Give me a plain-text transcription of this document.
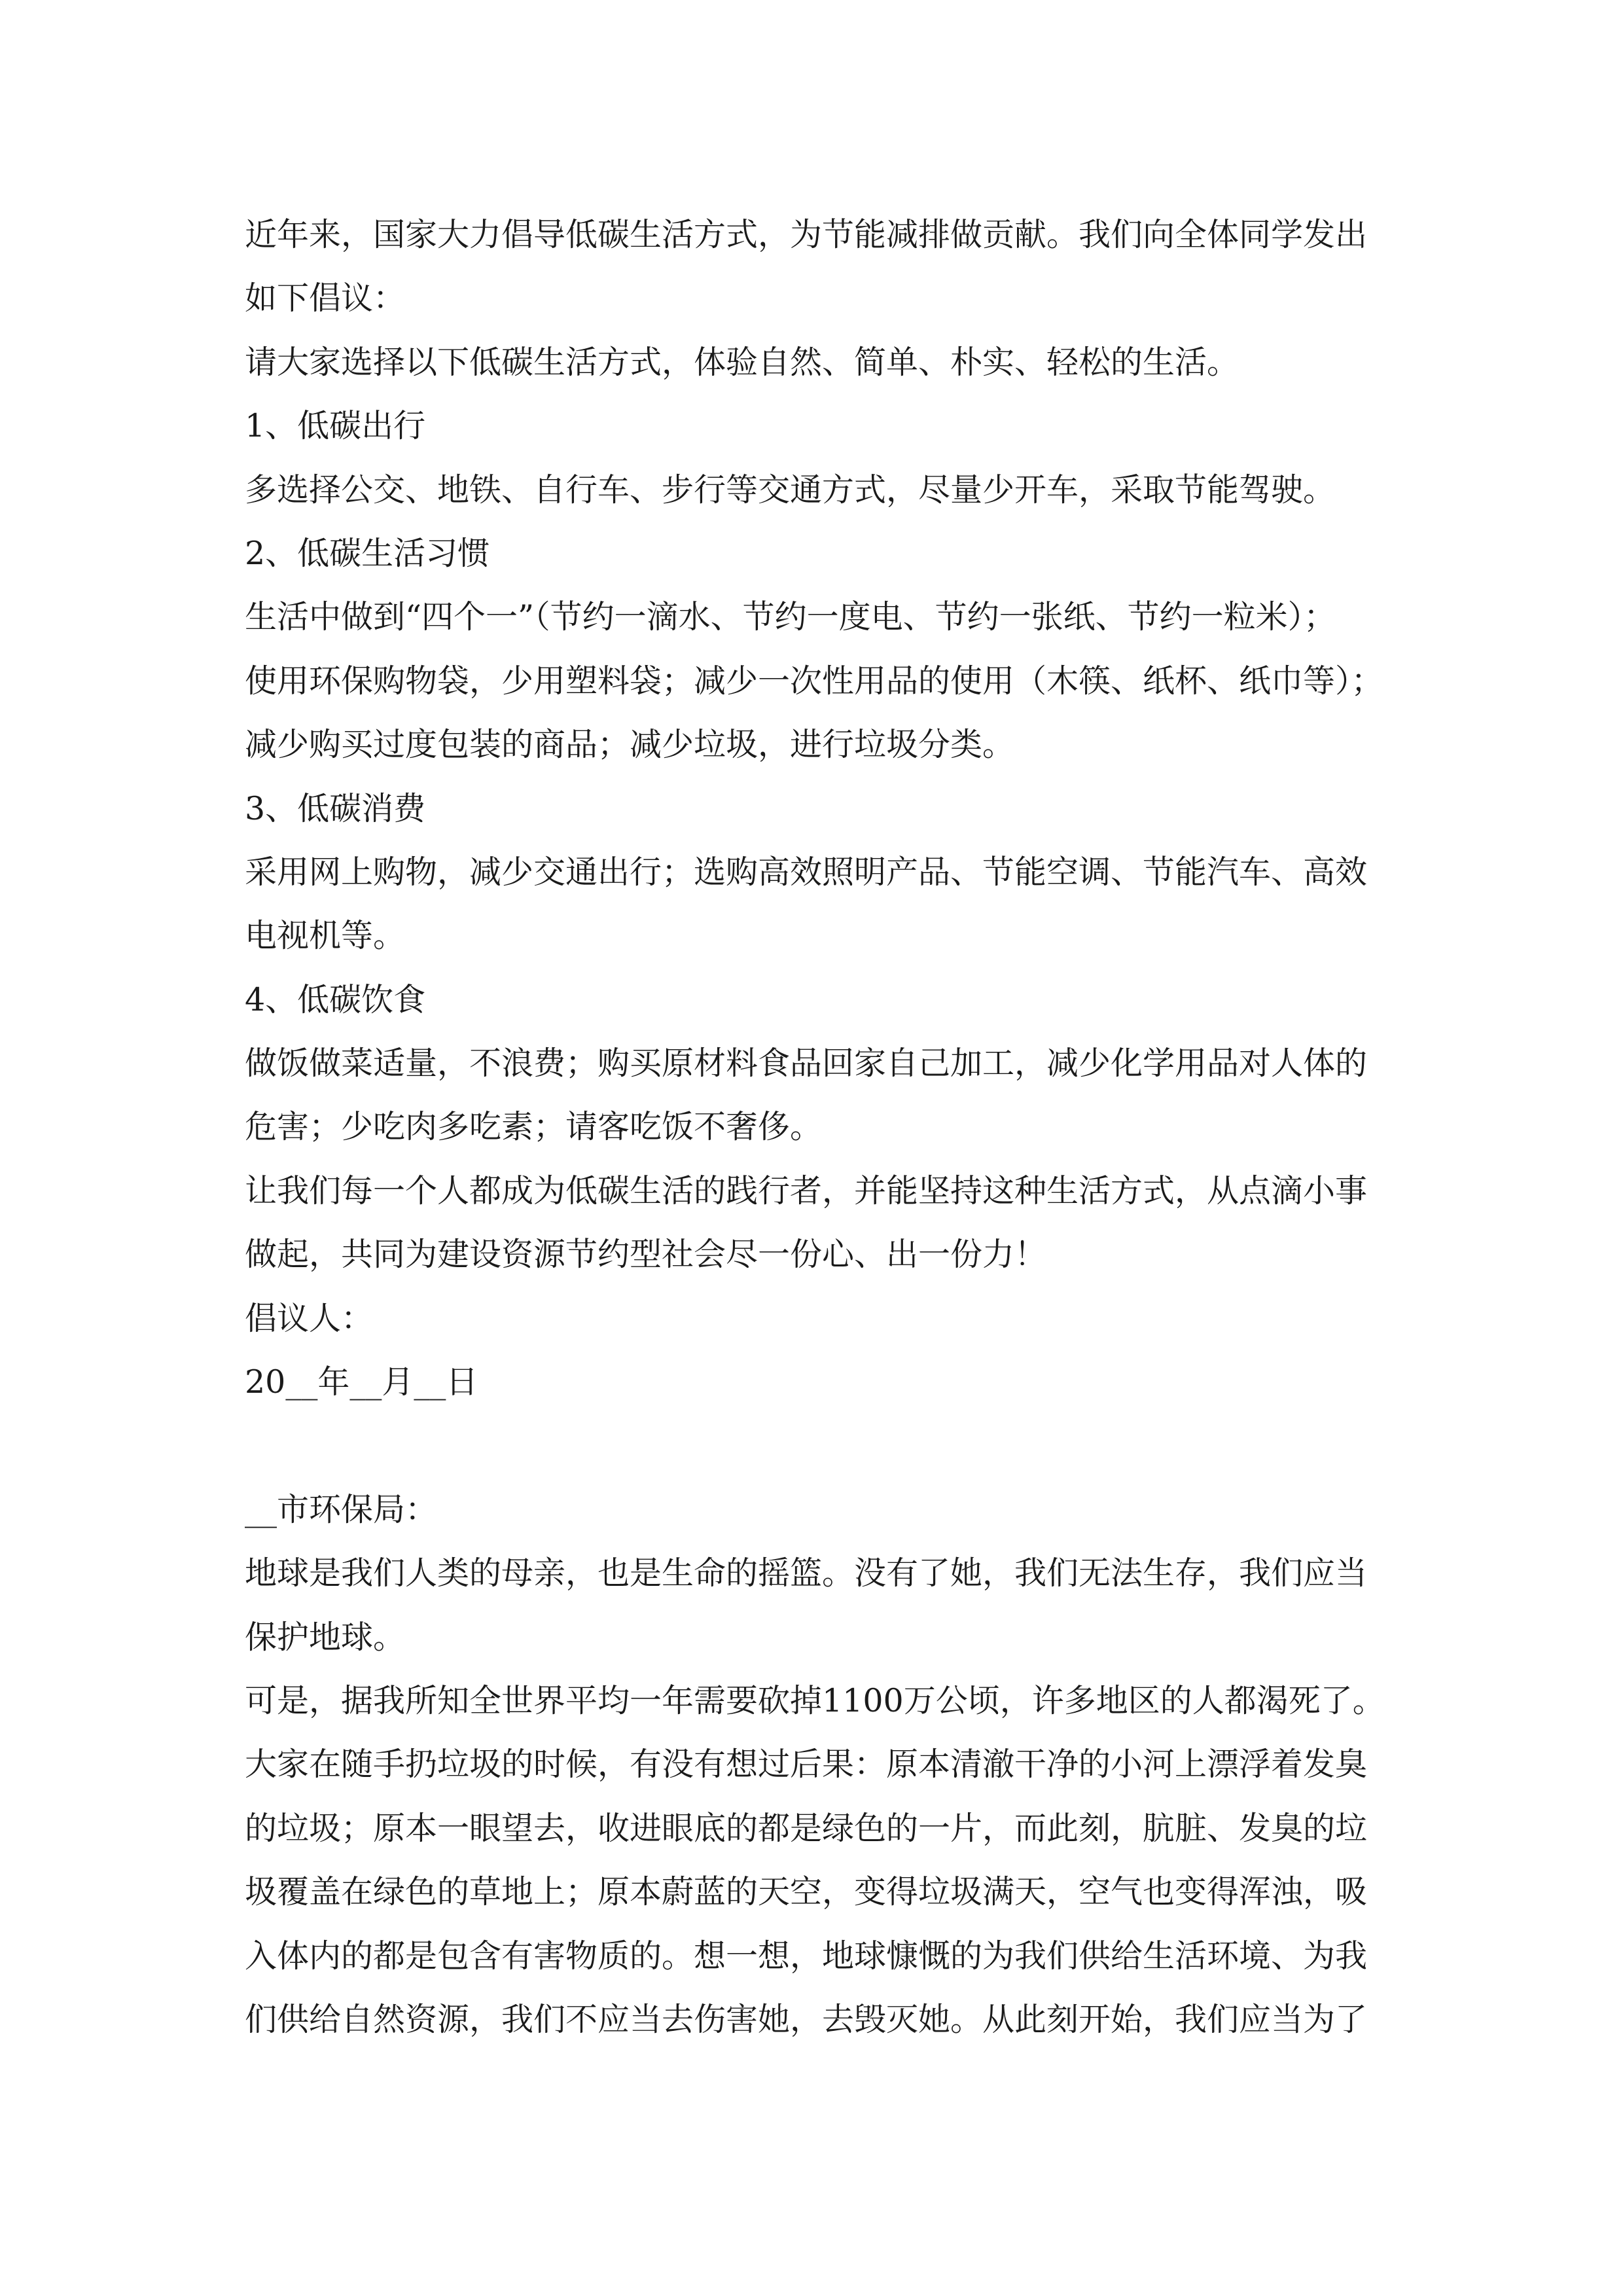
近年来，国家大力倡导低碳生活方式，为节能减排做贡献。我们向全体同学发出
如下倡议：
请大家选择以下低碳生活方式，体验自然、简单、朴实、轻松的生活。
1、低碳出行
多选择公交、地铁、自行车、步行等交通方式，尽量少开车，采取节能驾驶。
2、低碳生活习惯
生活中做到“四个一”（节约一滴水、节约一度电、节约一张纸、节约一粒米）；
使用环保购物袋，少用塑料袋；减少一次性用品的使用（木筷、纸杯、纸巾等）；
减少购买过度包装的商品；减少垃圾，进行垃圾分类。
3、低碳消费
采用网上购物，减少交通出行；选购高效照明产品、节能空调、节能汽车、高效
电视机等。
4、低碳饮食
做饭做菜适量，不浪费；购买原材料食品回家自己加工，减少化学用品对人体的
危害；少吃肉多吃素；请客吃饭不奢侈。
让我们每一个人都成为低碳生活的践行者，并能坚持这种生活方式，从点滴小事
做起，共同为建设资源节约型社会尽一份心、出一份力！
倡议人：
20__年__月__日
__市环保局：
地球是我们人类的母亲，也是生命的摇篮。没有了她，我们无法生存，我们应当
保护地球。
可是，据我所知全世界平均一年需要砍掉1100万公顷，许多地区的人都渴死了。
大家在随手扔垃圾的时候，有没有想过后果：原本清澈干净的小河上漂浮着发臭
的垃圾；原本一眼望去，收进眼底的都是绿色的一片，而此刻，肮脏、发臭的垃
圾覆盖在绿色的草地上；原本蔚蓝的天空，变得垃圾满天，空气也变得浑浊，吸
入体内的都是包含有害物质的。想一想，地球慷慨的为我们供给生活环境、为我
们供给自然资源，我们不应当去伤害她，去毁灭她。从此刻开始，我们应当为了
